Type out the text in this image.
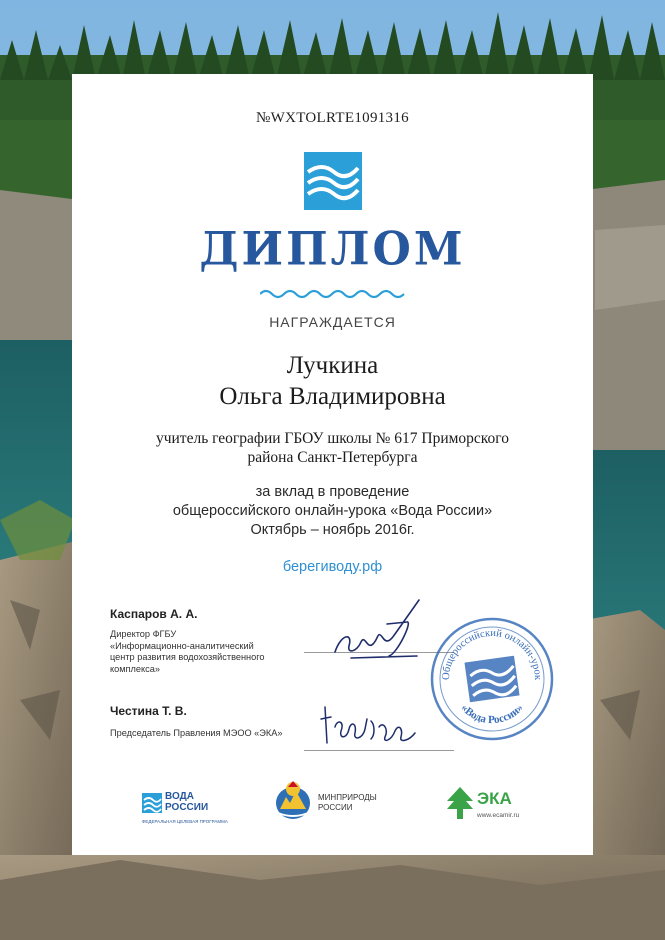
№WXTOLRTE1091316
ДИПЛОМ
НАГРАЖДАЕТСЯ
Лучкина
Ольга Владимировна
учитель географии ГБОУ школы № 617 Приморского
района Санкт-Петербурга
за вклад в проведение
общероссийского онлайн-урока «Вода России»
Октябрь – ноябрь 2016г.
берегиводу.рф
Каспаров А. А.
Директор ФГБУ
«Информационно-аналитический
центр развития водохозяйственного
комплекса»
Честина Т. В.
Председатель Правления МЭОО «ЭКА»
Общероссийский онлайн-урок
«Вода России»
ВОДА
РОССИИ
ФЕДЕРАЛЬНАЯ ЦЕЛЕВАЯ ПРОГРАММА
МИНПРИРОДЫ
РОССИИ	ЭКА
www.ecamir.ru
